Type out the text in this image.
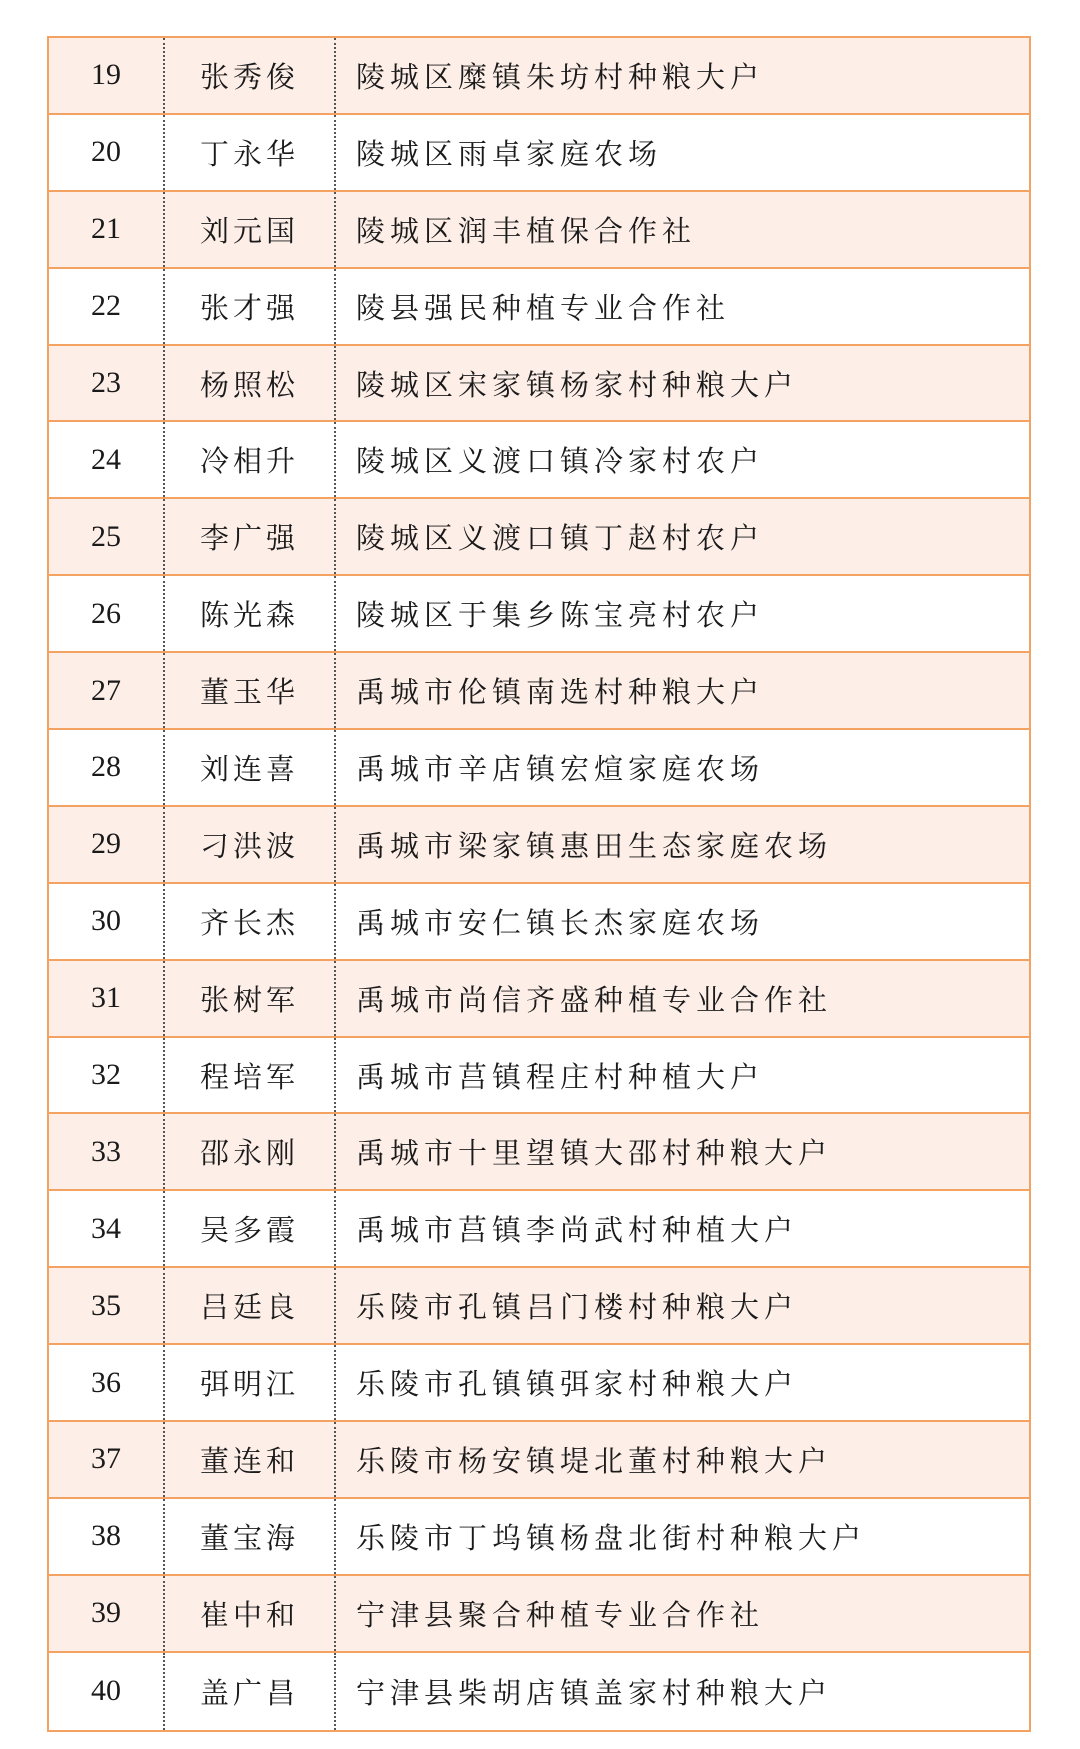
19	张秀俊	陵城区糜镇朱坊村种粮大户
20	丁永华	陵城区雨卓家庭农场
21	刘元国	陵城区润丰植保合作社
22	张才强	陵县强民种植专业合作社
23	杨照松	陵城区宋家镇杨家村种粮大户
24	冷相升	陵城区义渡口镇冷家村农户
25	李广强	陵城区义渡口镇丁赵村农户
26	陈光森	陵城区于集乡陈宝亮村农户
27	董玉华	禹城市伦镇南选村种粮大户
28	刘连喜	禹城市辛店镇宏煊家庭农场
29	刁洪波	禹城市梁家镇惠田生态家庭农场
30	齐长杰	禹城市安仁镇长杰家庭农场
31	张树军	禹城市尚信齐盛种植专业合作社
32	程培军	禹城市莒镇程庄村种植大户
33	邵永刚	禹城市十里望镇大邵村种粮大户
34	吴多霞	禹城市莒镇李尚武村种植大户
35	吕廷良	乐陵市孔镇吕门楼村种粮大户
36	弭明江	乐陵市孔镇镇弭家村种粮大户
37	董连和	乐陵市杨安镇堤北董村种粮大户
38	董宝海	乐陵市丁坞镇杨盘北街村种粮大户
39	崔中和	宁津县聚合种植专业合作社
40	盖广昌	宁津县柴胡店镇盖家村种粮大户
